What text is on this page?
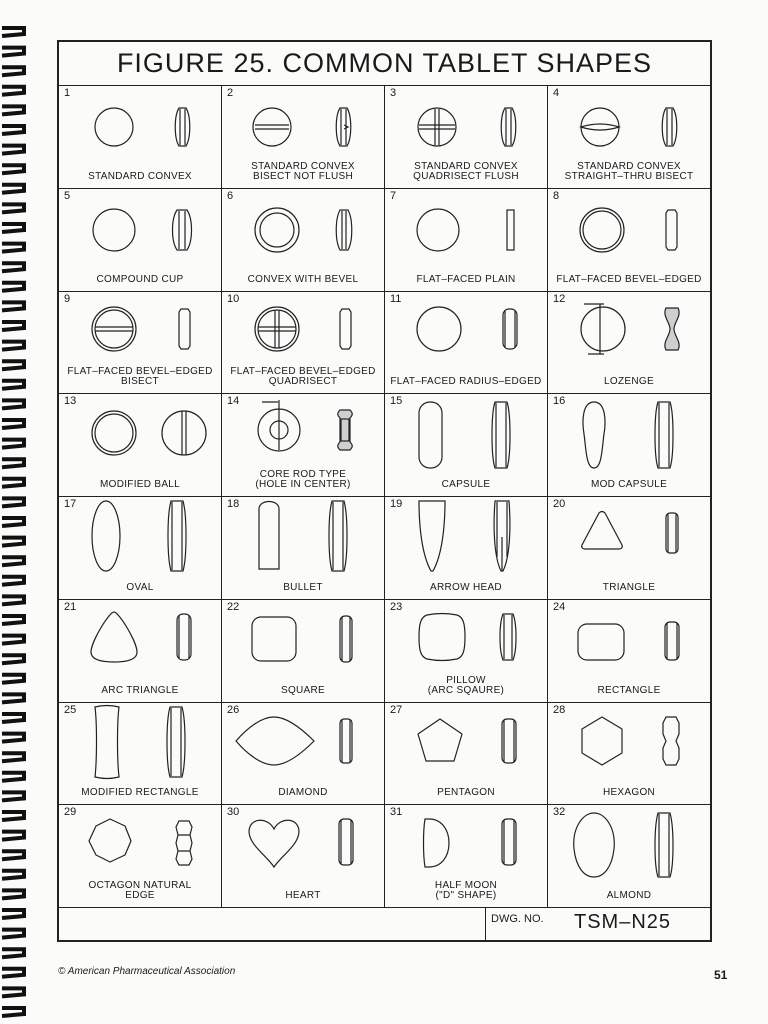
FIGURE 25. COMMON TABLET SHAPES
1
STANDARD CONVEX
2
STANDARD CONVEX
BISECT NOT FLUSH
3
STANDARD CONVEX
QUADRISECT FLUSH
4
STANDARD CONVEX
STRAIGHT–THRU BISECT
5
COMPOUND CUP
6
CONVEX WITH BEVEL
7
FLAT–FACED PLAIN
8
FLAT–FACED BEVEL–EDGED
9
FLAT–FACED BEVEL–EDGED
BISECT
10
FLAT–FACED BEVEL–EDGED
QUADRISECT
11
FLAT–FACED RADIUS–EDGED
12
LOZENGE
13
MODIFIED BALL
14
CORE ROD TYPE
(HOLE IN CENTER)
15
CAPSULE
16
MOD CAPSULE
17
OVAL
18
BULLET
19
ARROW HEAD
20
TRIANGLE
21
ARC TRIANGLE
22
SQUARE
23
PILLOW
(ARC SQAURE)
24
RECTANGLE
25
MODIFIED RECTANGLE
26
DIAMOND
27
PENTAGON
28
HEXAGON
29
OCTAGON NATURAL
EDGE
30
HEART
31
HALF MOON
("D" SHAPE)
32
ALMOND
DWG. NO. TSM–N25
© American Pharmaceutical Association	51
